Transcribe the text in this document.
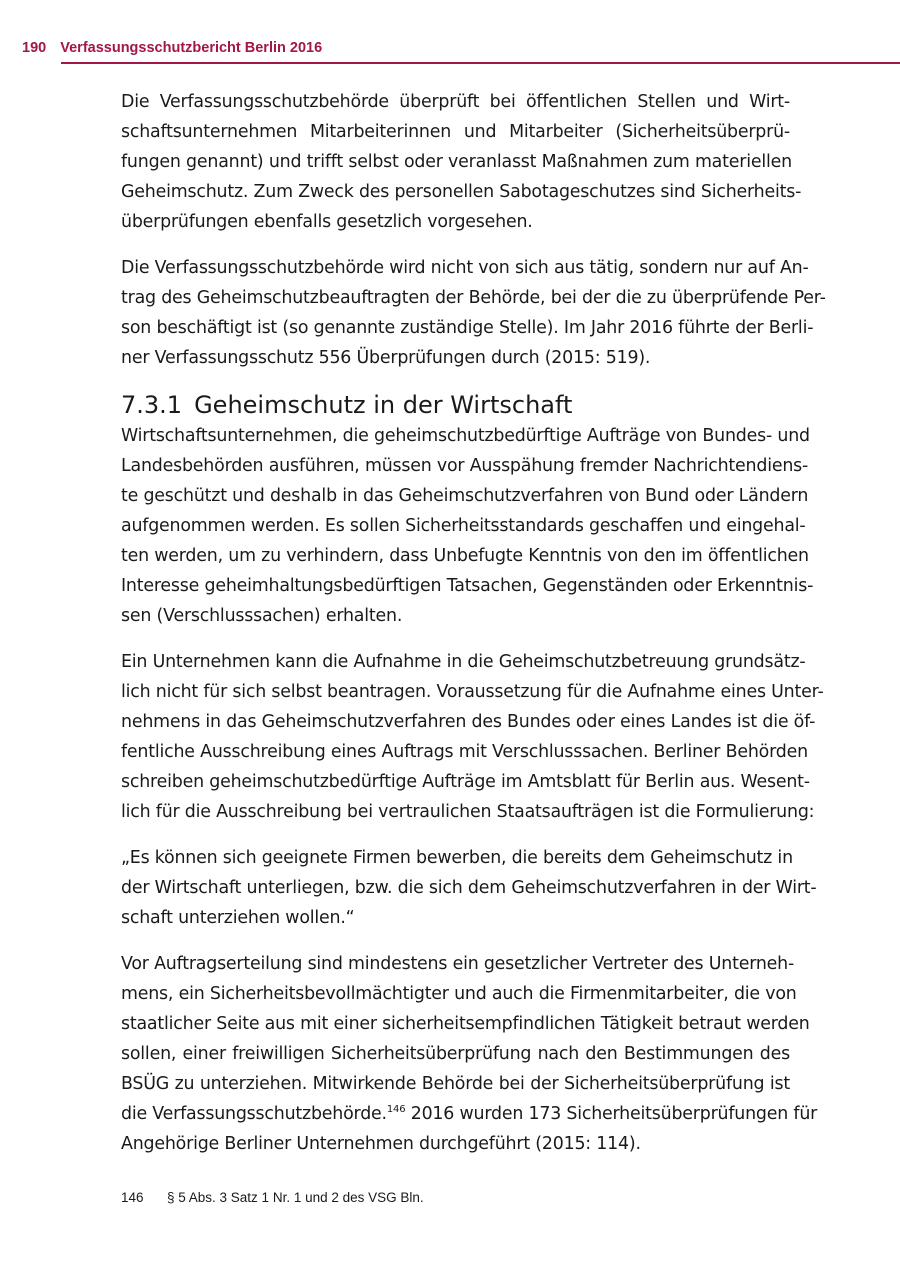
190 Verfassungsschutzbericht Berlin 2016
Die Verfassungsschutzbehörde überprüft bei öffentlichen Stellen und Wirt-
schaftsunternehmen Mitarbeiterinnen und Mitarbeiter (Sicherheitsüberprü-
fungen genannt) und trifft selbst oder veranlasst Maßnahmen zum materiellen
Geheimschutz. Zum Zweck des personellen Sabotageschutzes sind Sicherheits-
überprüfungen ebenfalls gesetzlich vorgesehen.
Die Verfassungsschutzbehörde wird nicht von sich aus tätig, sondern nur auf An-
trag des Geheimschutzbeauftragten der Behörde, bei der die zu überprüfende Per-
son beschäftigt ist (so genannte zuständige Stelle). Im Jahr 2016 führte der Berli-
ner Verfassungsschutz 556 Überprüfungen durch (2015: 519).
7.3.1 Geheimschutz in der Wirtschaft
Wirtschaftsunternehmen, die geheimschutzbedürftige Aufträge von Bundes- und
Landesbehörden ausführen, müssen vor Ausspähung fremder Nachrichtendiens-
te geschützt und deshalb in das Geheimschutzverfahren von Bund oder Ländern
aufgenommen werden. Es sollen Sicherheitsstandards geschaffen und eingehal-
ten werden, um zu verhindern, dass Unbefugte Kenntnis von den im öffentlichen
Interesse geheimhaltungsbedürftigen Tatsachen, Gegenständen oder Erkenntnis-
sen (Verschlusssachen) erhalten.
Ein Unternehmen kann die Aufnahme in die Geheimschutzbetreuung grundsätz-
lich nicht für sich selbst beantragen. Voraussetzung für die Aufnahme eines Unter-
nehmens in das Geheimschutzverfahren des Bundes oder eines Landes ist die öf-
fentliche Ausschreibung eines Auftrags mit Verschlusssachen. Berliner Behörden
schreiben geheimschutzbedürftige Aufträge im Amtsblatt für Berlin aus. Wesent-
lich für die Ausschreibung bei vertraulichen Staatsaufträgen ist die Formulierung:
„Es können sich geeignete Firmen bewerben, die bereits dem Geheimschutz in
der Wirtschaft unterliegen, bzw. die sich dem Geheimschutzverfahren in der Wirt-
schaft unterziehen wollen.“
Vor Auftragserteilung sind mindestens ein gesetzlicher Vertreter des Unterneh-
mens, ein Sicherheitsbevollmächtigter und auch die Firmenmitarbeiter, die von
staatlicher Seite aus mit einer sicherheitsempfindlichen Tätigkeit betraut werden
sollen, einer freiwilligen Sicherheitsüberprüfung nach den Bestimmungen des
BSÜG zu unterziehen. Mitwirkende Behörde bei der Sicherheitsüberprüfung ist
die Verfassungsschutzbehörde.$^{146}$ 2016 wurden 173 Sicherheitsüberprüfungen für
Angehörige Berliner Unternehmen durchgeführt (2015: 114).
146 § 5 Abs. 3 Satz 1 Nr. 1 und 2 des VSG Bln.
